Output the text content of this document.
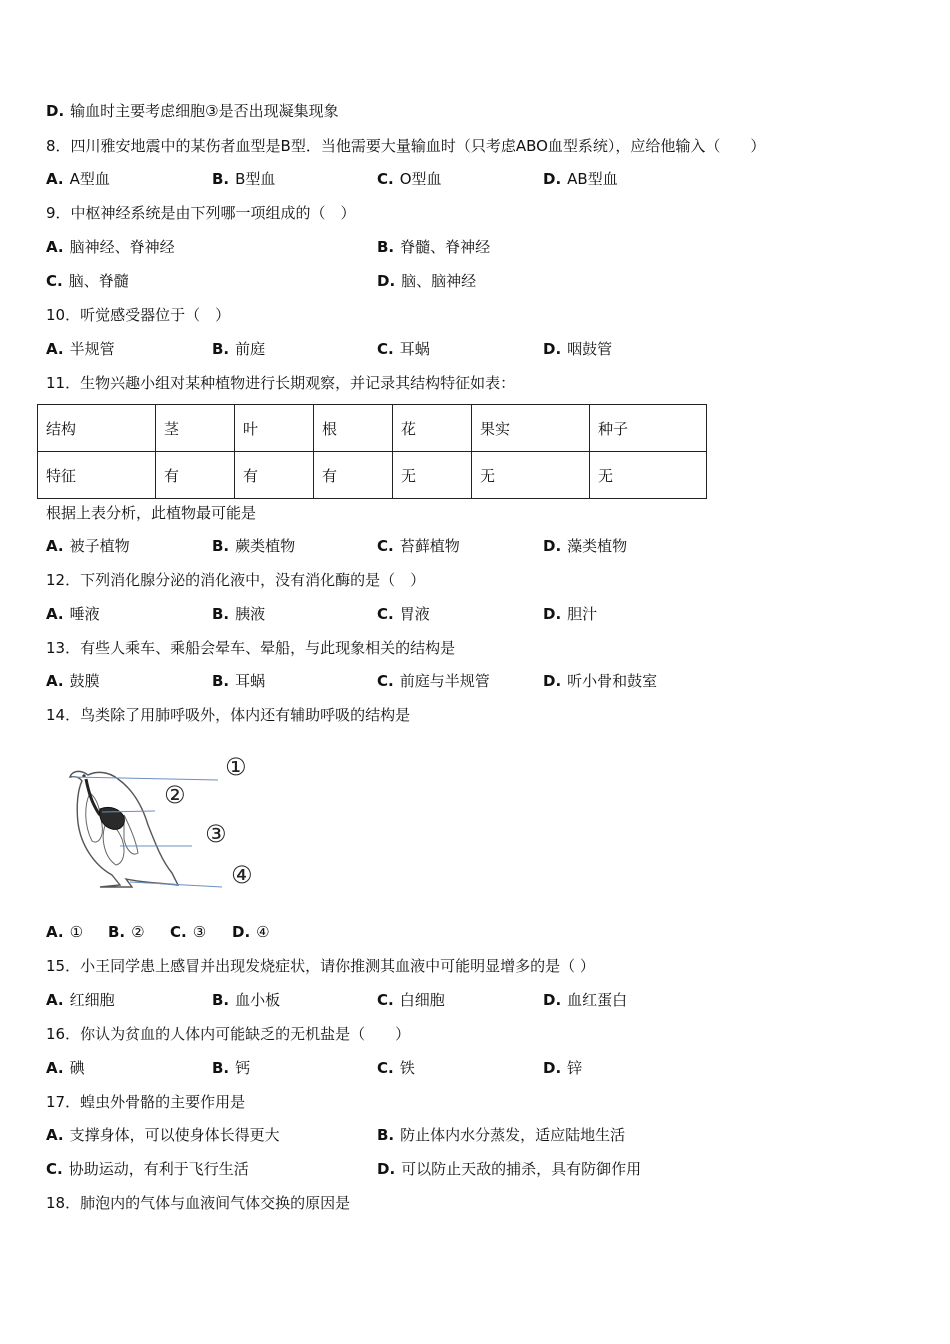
D. 输血时主要考虑细胞③是否出现凝集现象
8．四川雅安地震中的某伤者血型是B型．当他需要大量输血时（只考虑ABO血型系统），应给他输入（　　）
A. A型血	B. B型血	C. O型血	D. AB型血
9．中枢神经系统是由下列哪一项组成的（　）
A. 脑神经、脊神经	B. 脊髓、脊神经
C. 脑、脊髓	D. 脑、脑神经
10．听觉感受器位于（　）
A. 半规管	B. 前庭	C. 耳蜗	D. 咽鼓管
11．生物兴趣小组对某种植物进行长期观察，并记录其结构特征如表：
结构	茎	叶	根	花	果实	种子
特征	有	有	有	无	无	无
根据上表分析，此植物最可能是
A. 被子植物	B. 蕨类植物	C. 苔藓植物	D. 藻类植物
12．下列消化腺分泌的消化液中，没有消化酶的是（　）
A. 唾液	B. 胰液	C. 胃液	D. 胆汁
13．有些人乘车、乘船会晕车、晕船，与此现象相关的结构是
A. 鼓膜	B. 耳蜗	C. 前庭与半规管	D. 听小骨和鼓室
14．鸟类除了用肺呼吸外，体内还有辅助呼吸的结构是
①
②
③
④
A. ① B. ② C. ③ D. ④
15．小王同学患上感冒并出现发烧症状，请你推测其血液中可能明显增多的是（ ）
A. 红细胞	B. 血小板	C. 白细胞	D. 血红蛋白
16．你认为贫血的人体内可能缺乏的无机盐是（　　）
A. 碘	B. 钙	C. 铁	D. 锌
17．蝗虫外骨骼的主要作用是
A. 支撑身体，可以使身体长得更大	B. 防止体内水分蒸发，适应陆地生活
C. 协助运动，有利于飞行生活	D. 可以防止天敌的捕杀，具有防御作用
18．肺泡内的气体与血液间气体交换的原因是
